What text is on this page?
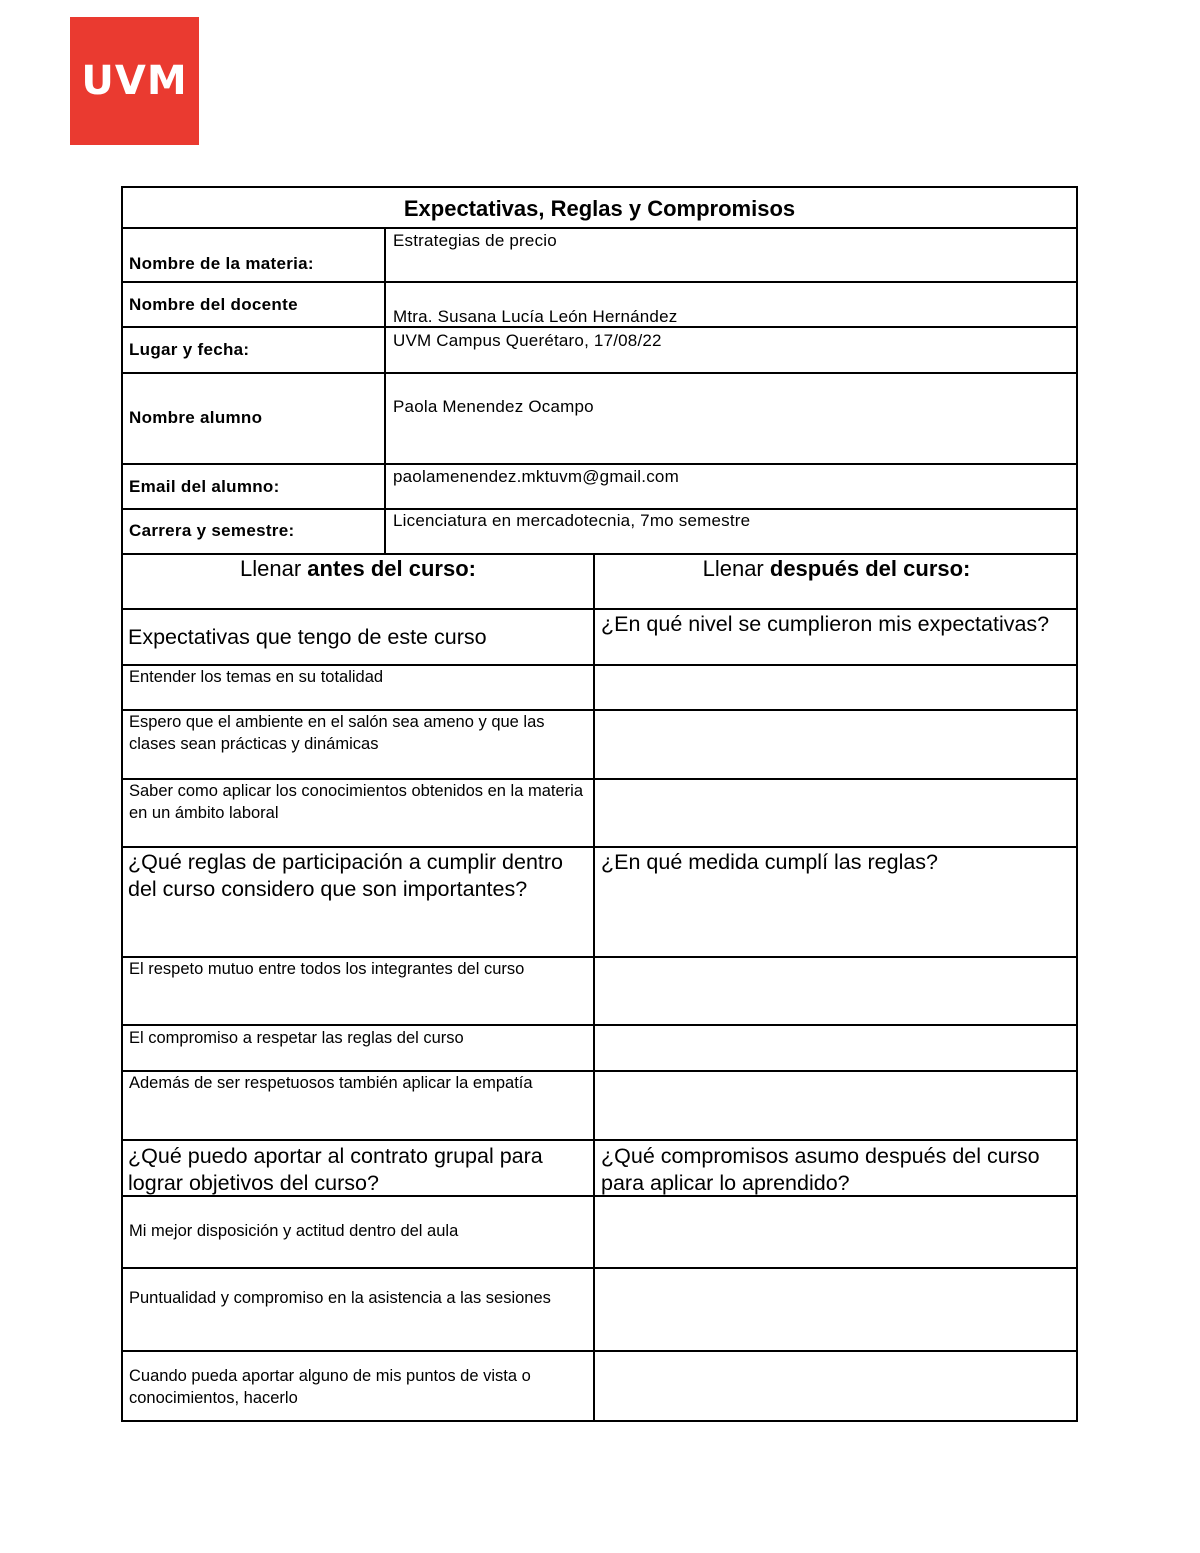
UVM
Expectativas, Reglas y Compromisos
Nombre de la materia:
Nombre del docente
Lugar y fecha:
Nombre alumno
Email del alumno:
Carrera y semestre:
Estrategias de precio
Mtra. Susana Lucía León Hernández
UVM Campus Querétaro, 17/08/22
Paola Menendez Ocampo
paolamenendez.mktuvm@gmail.com
Licenciatura en mercadotecnia, 7mo semestre
Llenar antes del curso:	Llenar después del curso:
Expectativas que tengo de este curso
¿En qué nivel se cumplieron mis expectativas?
Entender los temas en su totalidad
Espero que el ambiente en el salón sea ameno y que las clases sean prácticas y dinámicas
Saber como aplicar los conocimientos obtenidos en la materia en un ámbito laboral
¿Qué reglas de participación a cumplir dentro del curso considero que son importantes?
¿En qué medida cumplí las reglas?
El respeto mutuo entre todos los integrantes del curso
El compromiso a respetar las reglas del curso
Además de ser respetuosos también aplicar la empatía
¿Qué puedo aportar al contrato grupal para lograr objetivos del curso?
¿Qué compromisos asumo después del curso para aplicar lo aprendido?
Mi mejor disposición y actitud dentro del aula
Puntualidad y compromiso en la asistencia a las sesiones
Cuando pueda aportar alguno de mis puntos de vista o conocimientos, hacerlo
